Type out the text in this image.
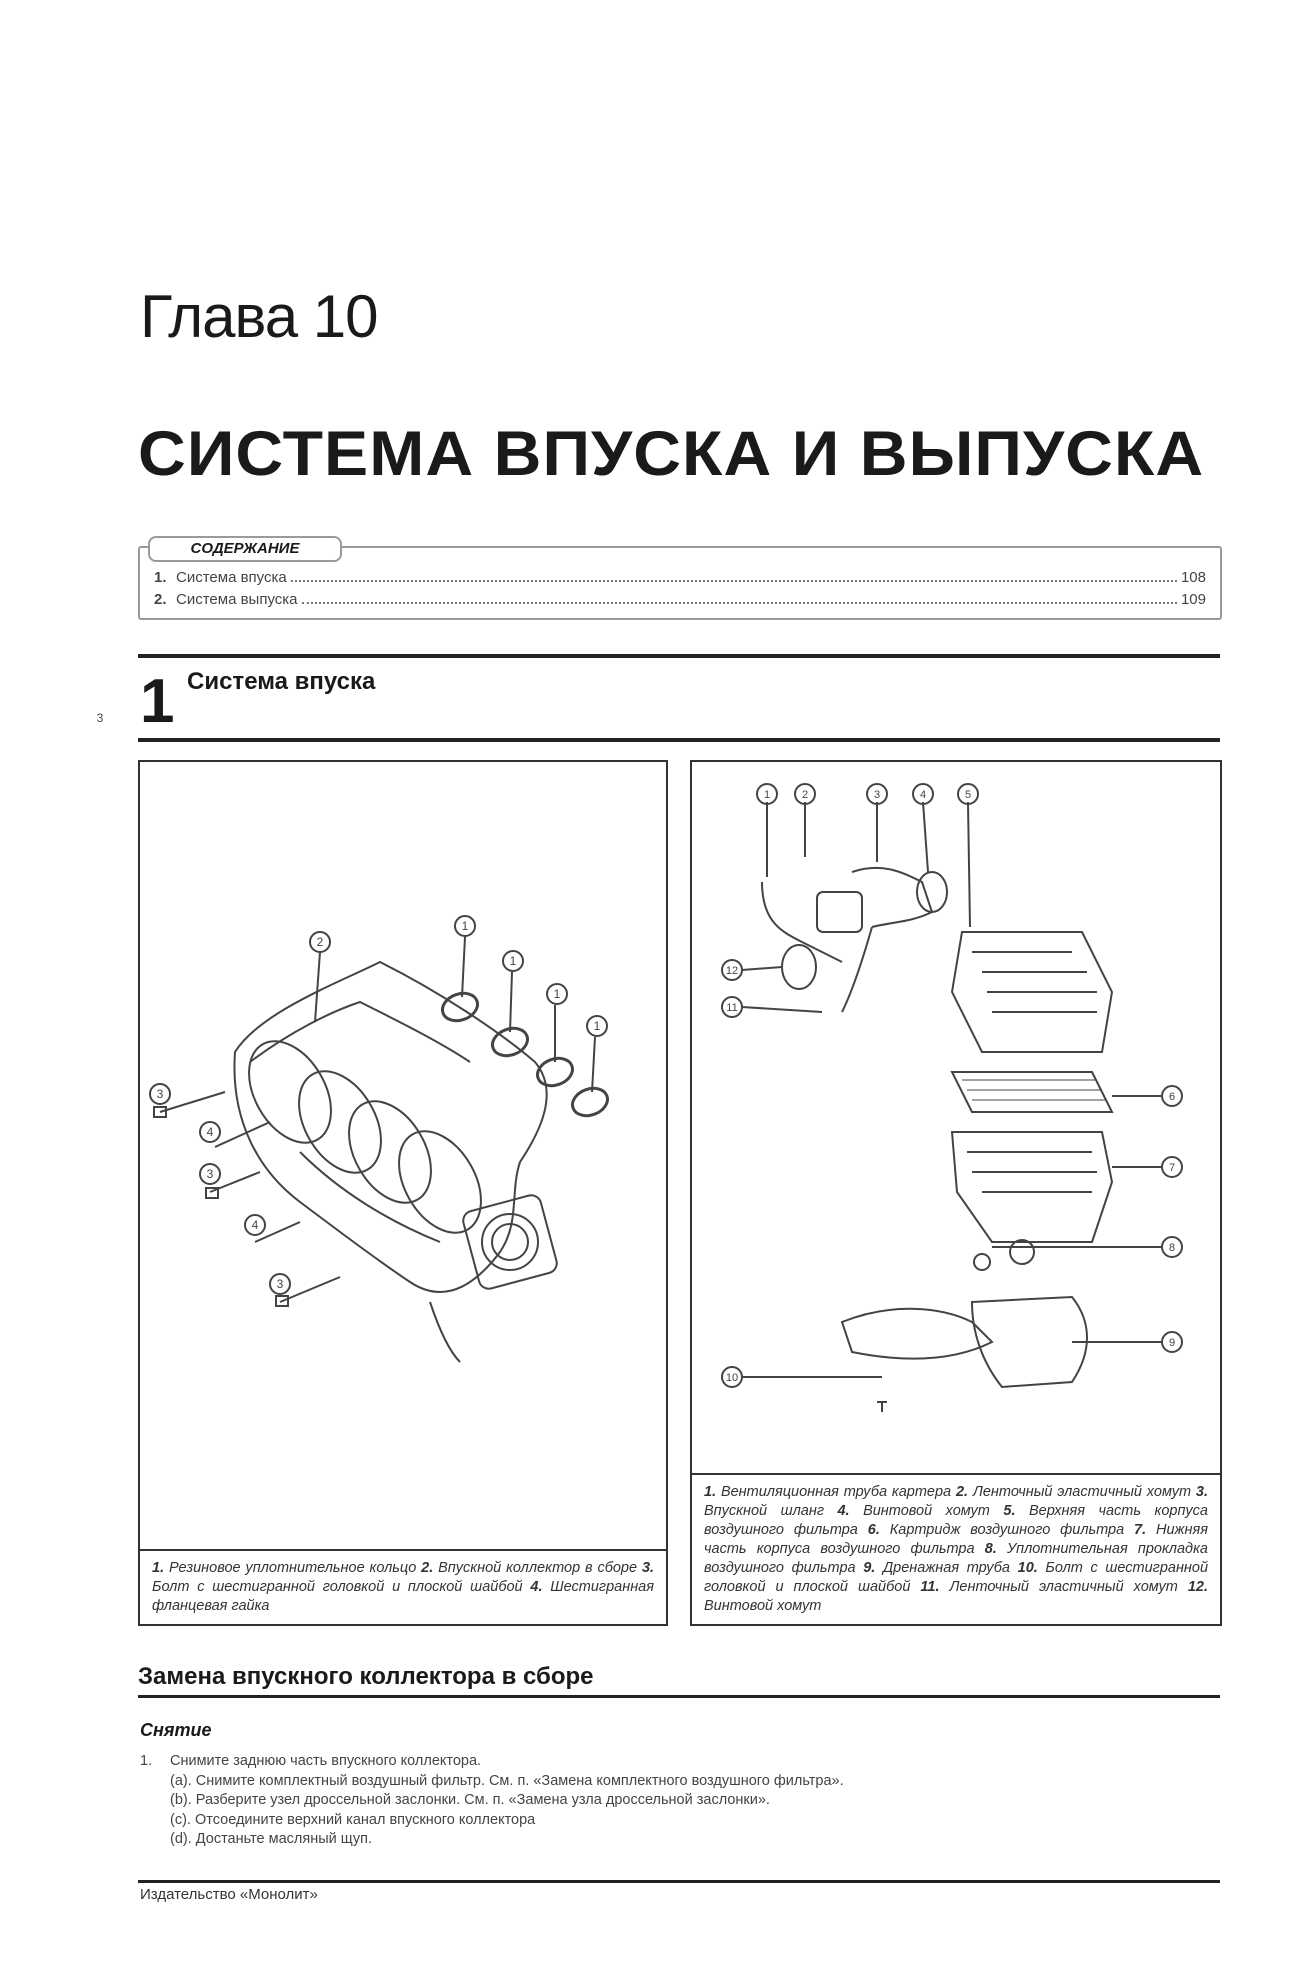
Глава 10
СИСТЕМА ВПУСКА И ВЫПУСКА
1. Система впуска	108
2. Система выпуска	109
СОДЕРЖАНИЕ
1 Система впуска
1
1
1
1
2
3
3
3
3
4
4
1. Резиновое уплотнительное кольцо 2. Впускной коллектор в сборе 3. Болт с шестигранной головкой и плоской шайбой 4. Шестигранная фланцевая гайка
1	2	3	4	5
12
11
6
7
8
9
10
1. Вентиляционная труба картера 2. Ленточный эластичный хомут 3. Впускной шланг 4. Винтовой хомут 5. Верхняя часть корпуса воздушного фильтра 6. Картридж воздушного фильтра 7. Нижняя часть корпуса воздушного фильтра 8. Уплотнительная прокладка воздушного фильтра 9. Дренажная труба 10. Болт с шестигранной головкой и плоской шайбой 11. Ленточный эластичный хомут 12. Винтовой хомут
Замена впускного коллектора в сборе
Снятие
1.	Снимите заднюю часть впускного коллектора.
(а). Снимите комплектный воздушный фильтр. См. п. «Замена комплектного воздушного фильтра».
(b). Разберите узел дроссельной заслонки. См. п. «Замена узла дроссельной заслонки».
(c). Отсоедините верхний канал впускного коллектора
(d). Достаньте масляный щуп.
Издательство «Монолит»
